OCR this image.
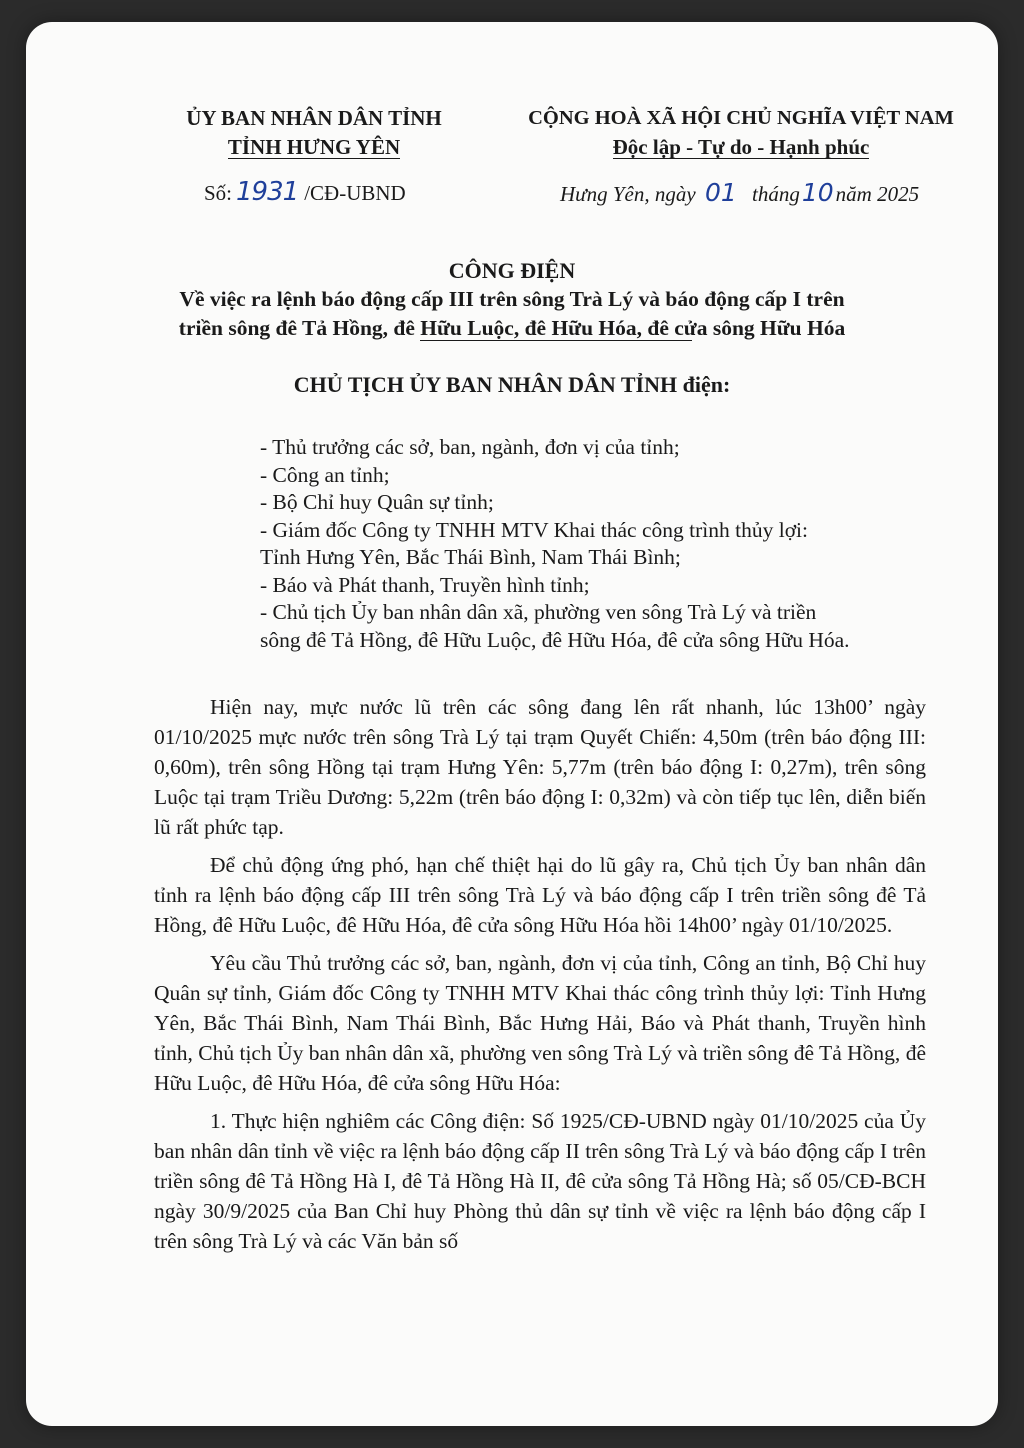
ỦY BAN NHÂN DÂN TỈNH
TỈNH HƯNG YÊN
Số: 1931 /CĐ-UBND
CỘNG HOÀ XÃ HỘI CHỦ NGHĨA VIỆT NAM
Độc lập - Tự do - Hạnh phúc
Hưng Yên, ngày 01 tháng10năm 2025
CÔNG ĐIỆN
Về việc ra lệnh báo động cấp III trên sông Trà Lý và báo động cấp I trên
triền sông đê Tả Hồng, đê Hữu Luộc, đê Hữu Hóa, đê cửa sông Hữu Hóa
CHỦ TỊCH ỦY BAN NHÂN DÂN TỈNH điện:
- Thủ trưởng các sở, ban, ngành, đơn vị của tỉnh;
- Công an tỉnh;
- Bộ Chỉ huy Quân sự tỉnh;
- Giám đốc Công ty TNHH MTV Khai thác công trình thủy lợi:
Tỉnh Hưng Yên, Bắc Thái Bình, Nam Thái Bình;
- Báo và Phát thanh, Truyền hình tỉnh;
- Chủ tịch Ủy ban nhân dân xã, phường ven sông Trà Lý và triền
sông đê Tả Hồng, đê Hữu Luộc, đê Hữu Hóa, đê cửa sông Hữu Hóa.

Hiện nay, mực nước lũ trên các sông đang lên rất nhanh, lúc 13h00’ ngày 01/10/2025 mực nước trên sông Trà Lý tại trạm Quyết Chiến: 4,50m (trên báo động III: 0,60m), trên sông Hồng tại trạm Hưng Yên: 5,77m (trên báo động I: 0,27m), trên sông Luộc tại trạm Triều Dương: 5,22m (trên báo động I: 0,32m) và còn tiếp tục lên, diễn biến lũ rất phức tạp.

Để chủ động ứng phó, hạn chế thiệt hại do lũ gây ra, Chủ tịch Ủy ban nhân dân tỉnh ra lệnh báo động cấp III trên sông Trà Lý và báo động cấp I trên triền sông đê Tả Hồng, đê Hữu Luộc, đê Hữu Hóa, đê cửa sông Hữu Hóa hồi 14h00’ ngày 01/10/2025.

Yêu cầu Thủ trưởng các sở, ban, ngành, đơn vị của tỉnh, Công an tỉnh, Bộ Chỉ huy Quân sự tỉnh, Giám đốc Công ty TNHH MTV Khai thác công trình thủy lợi: Tỉnh Hưng Yên, Bắc Thái Bình, Nam Thái Bình, Bắc Hưng Hải, Báo và Phát thanh, Truyền hình tỉnh, Chủ tịch Ủy ban nhân dân xã, phường ven sông Trà Lý và triền sông đê Tả Hồng, đê Hữu Luộc, đê Hữu Hóa, đê cửa sông Hữu Hóa:

1. Thực hiện nghiêm các Công điện: Số 1925/CĐ-UBND ngày 01/10/2025 của Ủy ban nhân dân tỉnh về việc ra lệnh báo động cấp II trên sông Trà Lý và báo động cấp I trên triền sông đê Tả Hồng Hà I, đê Tả Hồng Hà II, đê cửa sông Tả Hồng Hà; số 05/CĐ-BCH ngày 30/9/2025 của Ban Chỉ huy Phòng thủ dân sự tỉnh về việc ra lệnh báo động cấp I trên sông Trà Lý và các Văn bản số
